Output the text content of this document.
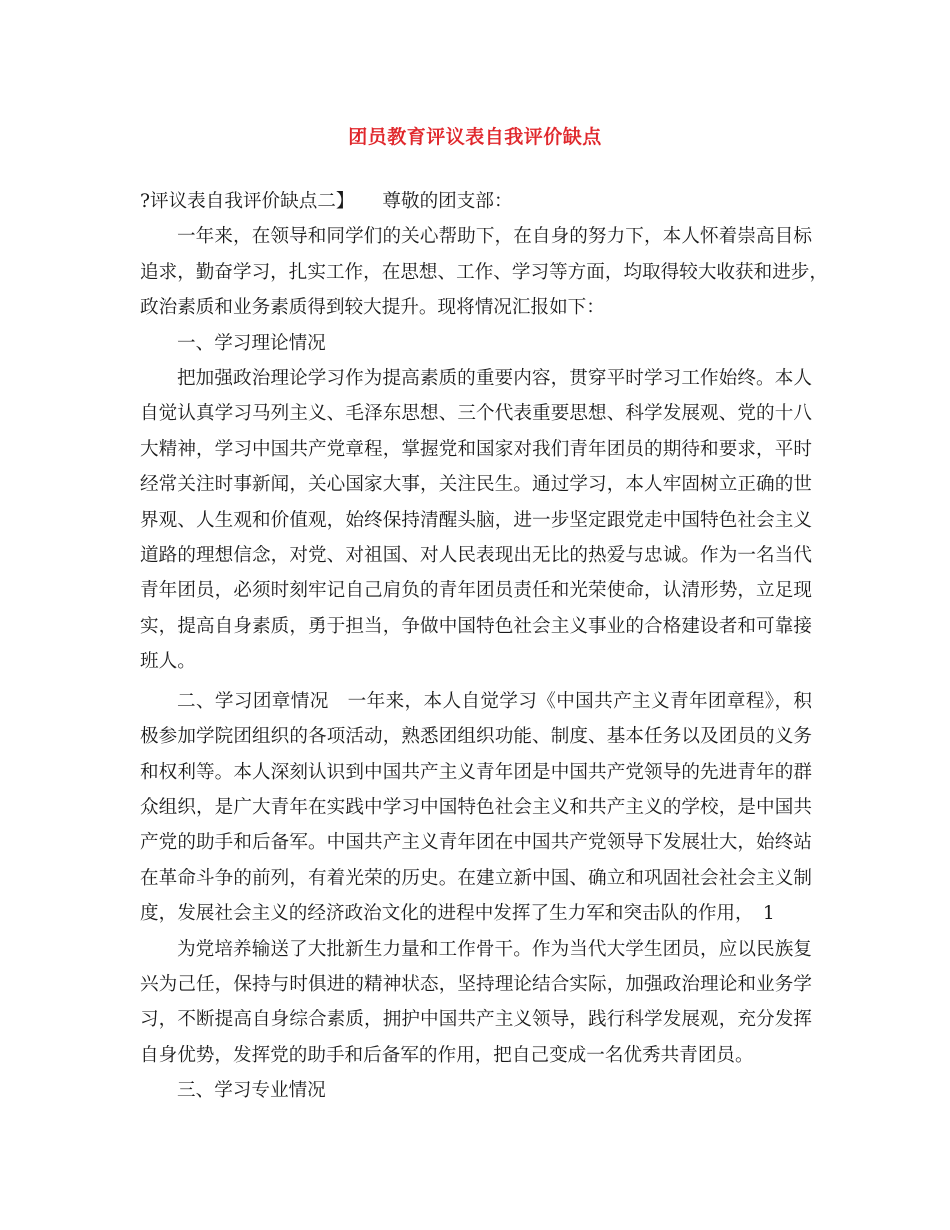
团员教育评议表自我评价缺点
?评议表自我评价缺点二】　　尊敬的团支部：
一年来，在领导和同学们的关心帮助下，在自身的努力下，本人怀着崇高目标
追求，勤奋学习，扎实工作，在思想、工作、学习等方面，均取得较大收获和进步，
政治素质和业务素质得到较大提升。现将情况汇报如下：
一、学习理论情况
把加强政治理论学习作为提高素质的重要内容，贯穿平时学习工作始终。本人
自觉认真学习马列主义、毛泽东思想、三个代表重要思想、科学发展观、党的十八
大精神，学习中国共产党章程，掌握党和国家对我们青年团员的期待和要求，平时
经常关注时事新闻，关心国家大事，关注民生。通过学习，本人牢固树立正确的世
界观、人生观和价值观，始终保持清醒头脑，进一步坚定跟党走中国特色社会主义
道路的理想信念，对党、对祖国、对人民表现出无比的热爱与忠诚。作为一名当代
青年团员，必须时刻牢记自己肩负的青年团员责任和光荣使命，认清形势，立足现
实，提高自身素质，勇于担当，争做中国特色社会主义事业的合格建设者和可靠接
班人。
二、学习团章情况　一年来，本人自觉学习《中国共产主义青年团章程》，积
极参加学院团组织的各项活动，熟悉团组织功能、制度、基本任务以及团员的义务
和权利等。本人深刻认识到中国共产主义青年团是中国共产党领导的先进青年的群
众组织，是广大青年在实践中学习中国特色社会主义和共产主义的学校，是中国共
产党的助手和后备军。中国共产主义青年团在中国共产党领导下发展壮大，始终站
在革命斗争的前列，有着光荣的历史。在建立新中国、确立和巩固社会社会主义制
度，发展社会主义的经济政治文化的进程中发挥了生力军和突击队的作用，　1
为党培养输送了大批新生力量和工作骨干。作为当代大学生团员，应以民族复
兴为己任，保持与时俱进的精神状态，坚持理论结合实际，加强政治理论和业务学
习，不断提高自身综合素质，拥护中国共产主义领导，践行科学发展观，充分发挥
自身优势，发挥党的助手和后备军的作用，把自己变成一名优秀共青团员。
三、学习专业情况
